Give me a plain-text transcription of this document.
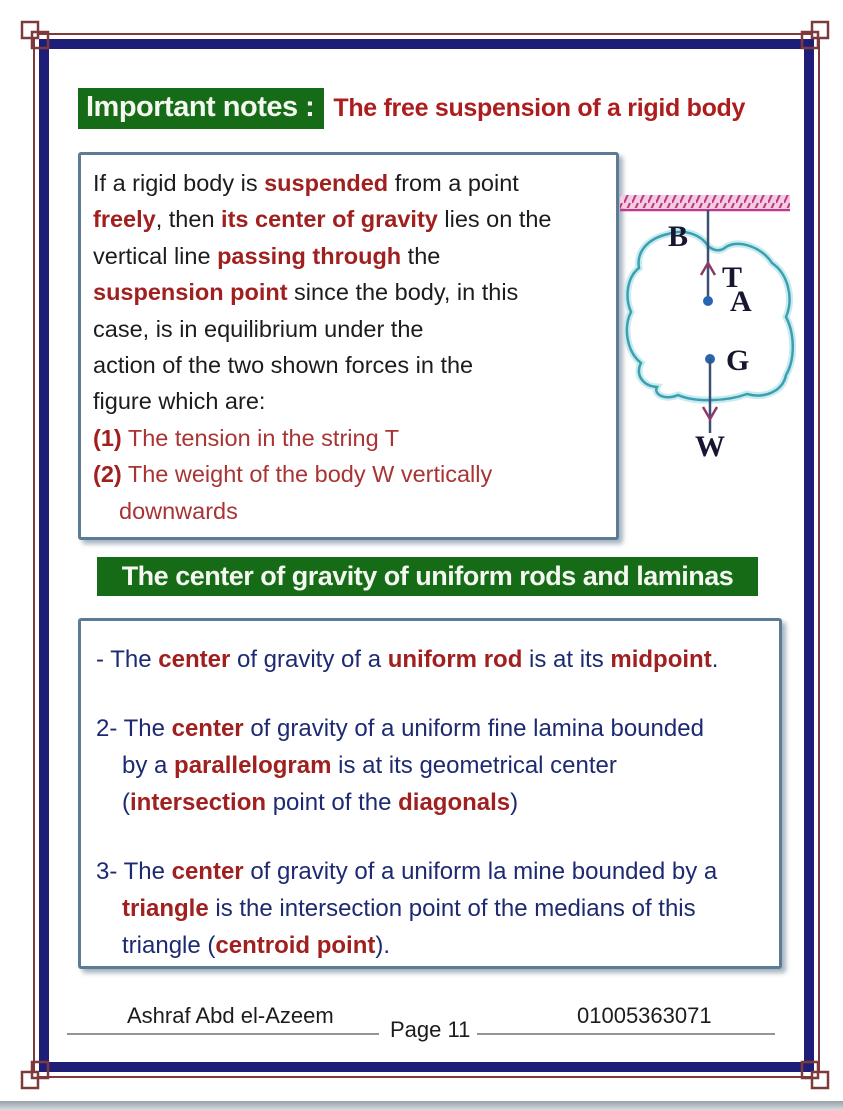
Important notes : The free suspension of a rigid body
If a rigid body is suspended from a point
freely, then its center of gravity lies on the
vertical line passing through the
suspension point since the body, in this
case, is in equilibrium under the
action of the two shown forces in the
figure which are:
(1) The tension in the string T
(2) The weight of the body W vertically
downwards
B
T
A
G
W
The center of gravity of uniform rods and laminas
- The center of gravity of a uniform rod is at its midpoint.
2- The center of gravity of a uniform fine lamina bounded
by a parallelogram is at its geometrical center
(intersection point of the diagonals)
3- The center of gravity of a uniform la mine bounded by a
triangle is the intersection point of the medians of this
triangle (centroid point).
Ashraf Abd el-Azeem	01005363071
Page 11
